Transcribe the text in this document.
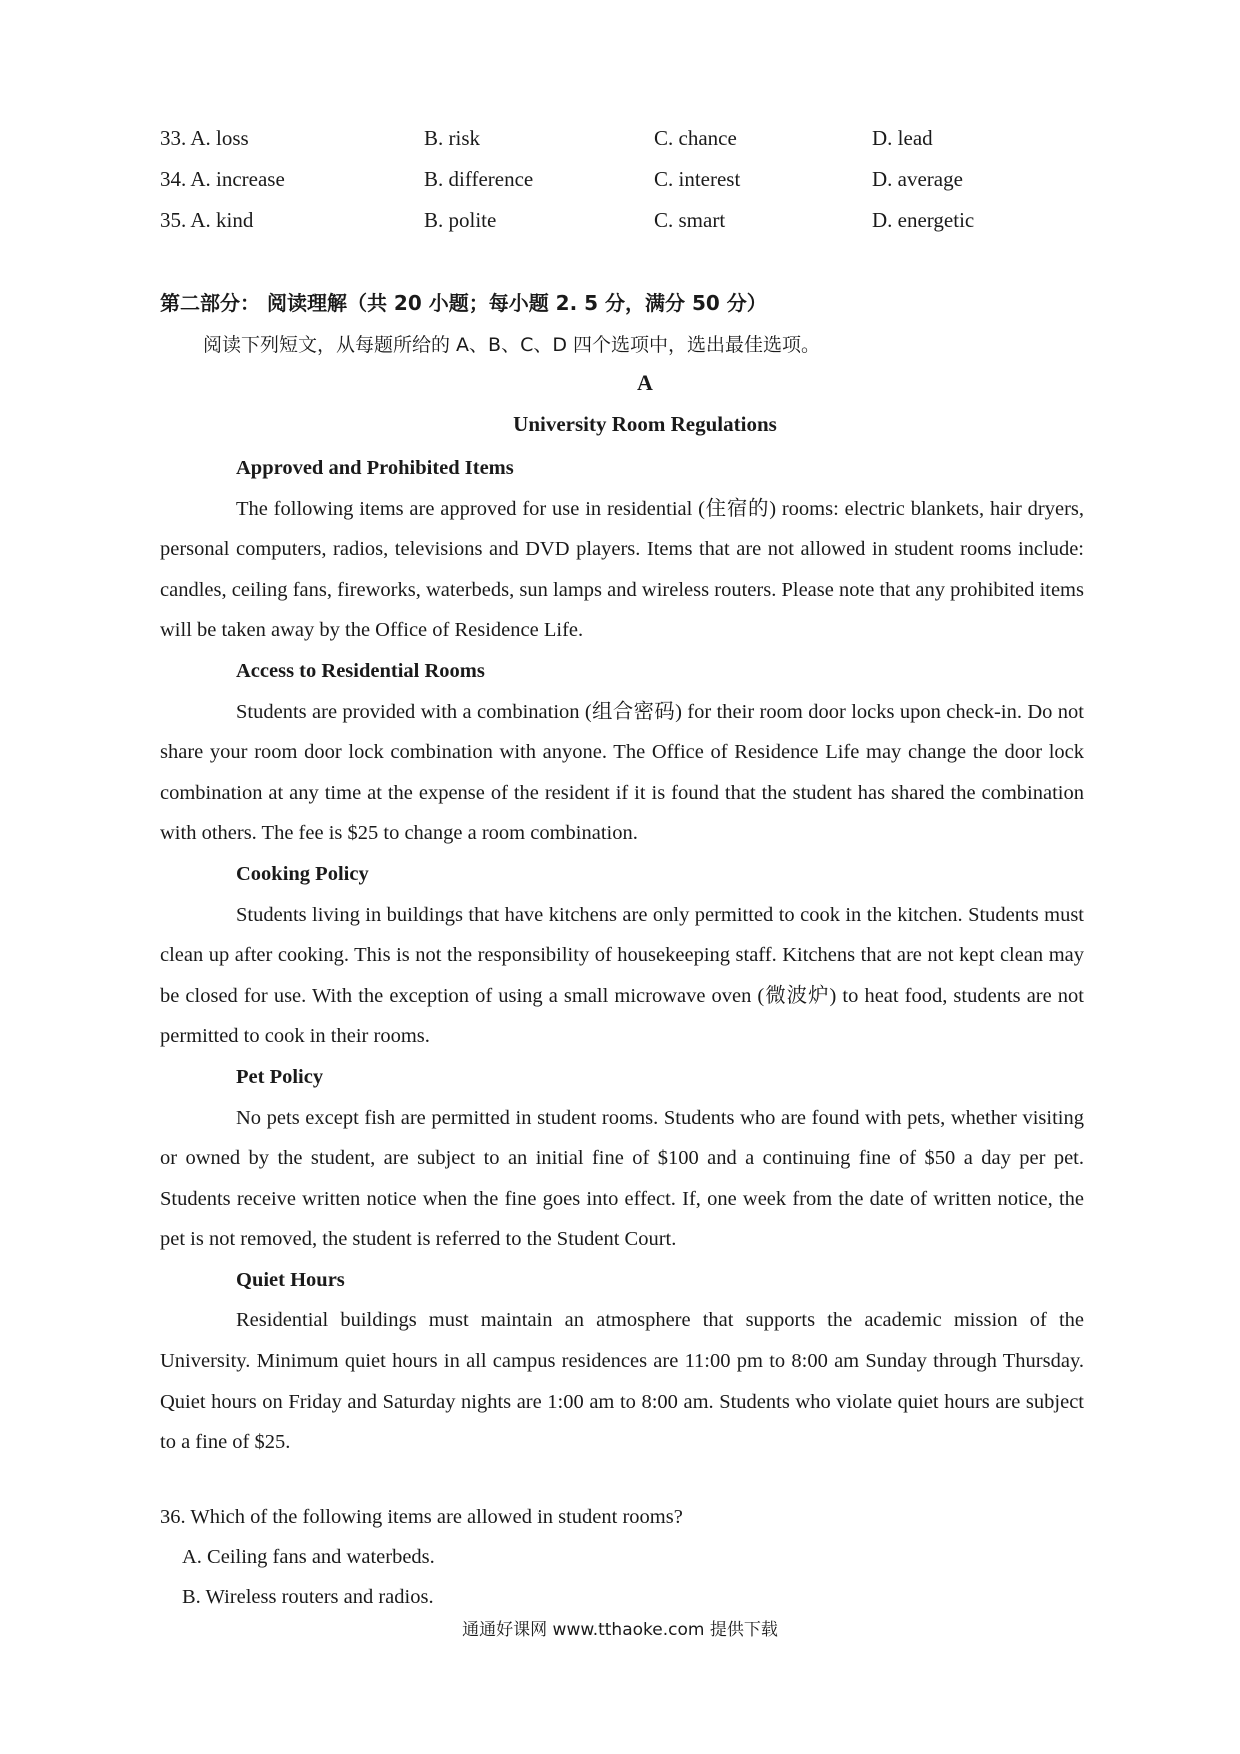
33. A. loss	B. risk	C. chance	D. lead
34. A. increase	B. difference	C. interest	D. average
35. A. kind	B. polite	C. smart	D. energetic
第二部分： 阅读理解（共 20 小题；每小题 2. 5 分，满分 50 分）
阅读下列短文，从每题所给的 A、B、C、D 四个选项中，选出最佳选项。
A
University Room Regulations

Approved and Prohibited Items

The following items are approved for use in residential (住宿的) rooms: electric blankets, hair dryers, personal computers, radios, televisions and DVD players. Items that are not allowed in student rooms include: candles, ceiling fans, fireworks, waterbeds, sun lamps and wireless routers. Please note that any prohibited items will be taken away by the Office of Residence Life.

Access to Residential Rooms

Students are provided with a combination (组合密码) for their room door locks upon check-in. Do not share your room door lock combination with anyone. The Office of Residence Life may change the door lock combination at any time at the expense of the resident if it is found that the student has shared the combination with others. The fee is $25 to change a room combination.

Cooking Policy

Students living in buildings that have kitchens are only permitted to cook in the kitchen. Students must clean up after cooking. This is not the responsibility of housekeeping staff. Kitchens that are not kept clean may be closed for use. With the exception of using a small microwave oven (微波炉) to heat food, students are not permitted to cook in their rooms.

Pet Policy

No pets except fish are permitted in student rooms. Students who are found with pets, whether visiting or owned by the student, are subject to an initial fine of $100 and a continuing fine of $50 a day per pet. Students receive written notice when the fine goes into effect. If, one week from the date of written notice, the pet is not removed, the student is referred to the Student Court.

Quiet Hours

Residential buildings must maintain an atmosphere that supports the academic mission of the University. Minimum quiet hours in all campus residences are 11:00 pm to 8:00 am Sunday through Thursday. Quiet hours on Friday and Saturday nights are 1:00 am to 8:00 am. Students who violate quiet hours are subject to a fine of $25.

36. Which of the following items are allowed in student rooms?

A. Ceiling fans and waterbeds.

B. Wireless routers and radios.

通通好课网 www.tthaoke.com 提供下载
